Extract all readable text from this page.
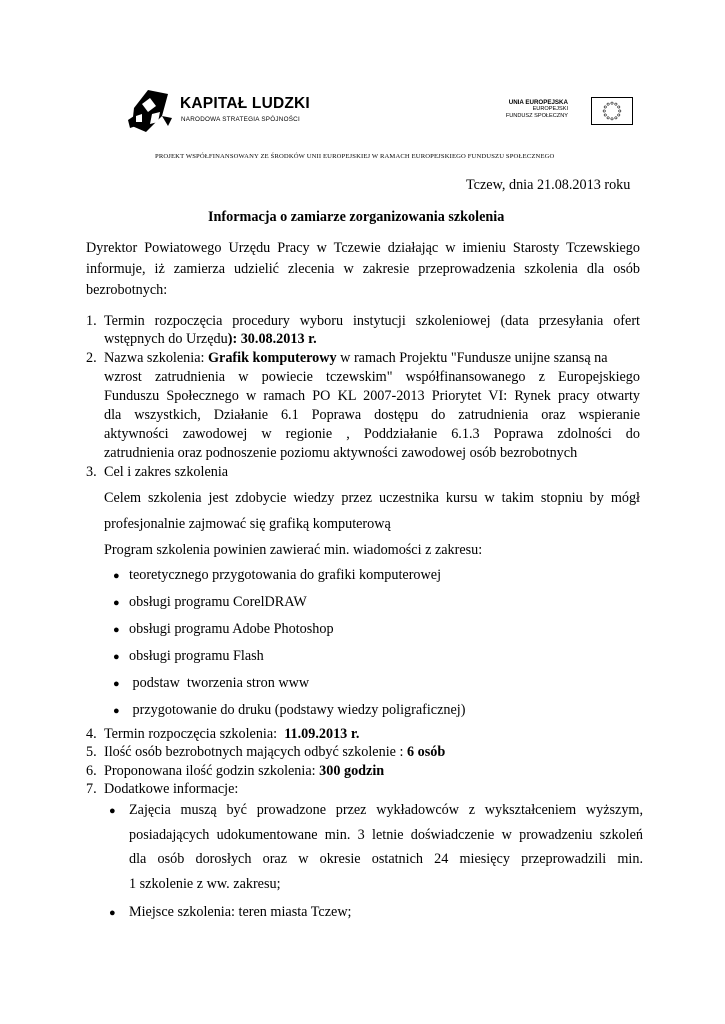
KAPITAŁ LUDZKI
NARODOWA STRATEGIA SPÓJNOŚCI
UNIA EUROPEJSKA
EUROPEJSKI
FUNDUSZ SPOŁECZNY
PROJEKT WSPÓŁFINANSOWANY ZE ŚRODKÓW UNII EUROPEJSKIEJ W RAMACH EUROPEJSKIEGO FUNDUSZU SPOŁECZNEGO
Tczew, dnia 21.08.2013 roku
Informacja o zamiarze zorganizowania szkolenia
Dyrektor Powiatowego Urzędu Pracy w Tczewie działając w imieniu Starosty Tczewskiego
informuje, iż zamierza udzielić zlecenia w zakresie przeprowadzenia szkolenia dla osób
bezrobotnych:
1. Termin rozpoczęcia procedury wyboru instytucji szkoleniowej (data przesyłania ofert
wstępnych do Urzędu): 30.08.2013 r.
2. Nazwa szkolenia: Grafik komputerowy w ramach Projektu "Fundusze unijne szansą na
wzrost zatrudnienia w powiecie tczewskim" współfinansowanego z Europejskiego
Funduszu Społecznego w ramach PO KL 2007-2013 Priorytet VI: Rynek pracy otwarty
dla wszystkich, Działanie 6.1 Poprawa dostępu do zatrudnienia oraz wspieranie
aktywności zawodowej w regionie , Poddziałanie 6.1.3 Poprawa zdolności do
zatrudnienia oraz podnoszenie poziomu aktywności zawodowej osób bezrobotnych
3. Cel i zakres szkolenia
Celem szkolenia jest zdobycie wiedzy przez uczestnika kursu w takim stopniu by mógł
profesjonalnie zajmować się grafiką komputerową
Program szkolenia powinien zawierać min. wiadomości z zakresu:
● teoretycznego przygotowania do grafiki komputerowej
● obsługi programu CorelDRAW
● obsługi programu Adobe Photoshop
● obsługi programu Flash
● podstaw  tworzenia stron www
● przygotowanie do druku (podstawy wiedzy poligraficznej)
4. Termin rozpoczęcia szkolenia:  11.09.2013 r.
5. Ilość osób bezrobotnych mających odbyć szkolenie : 6 osób
6. Proponowana ilość godzin szkolenia: 300 godzin
7. Dodatkowe informacje:
● Zajęcia muszą być prowadzone przez wykładowców z wykształceniem wyższym,
posiadających udokumentowane min. 3 letnie doświadczenie w prowadzeniu szkoleń
dla osób dorosłych oraz w okresie ostatnich 24 miesięcy przeprowadzili min.
1 szkolenie z ww. zakresu;
● Miejsce szkolenia: teren miasta Tczew;
